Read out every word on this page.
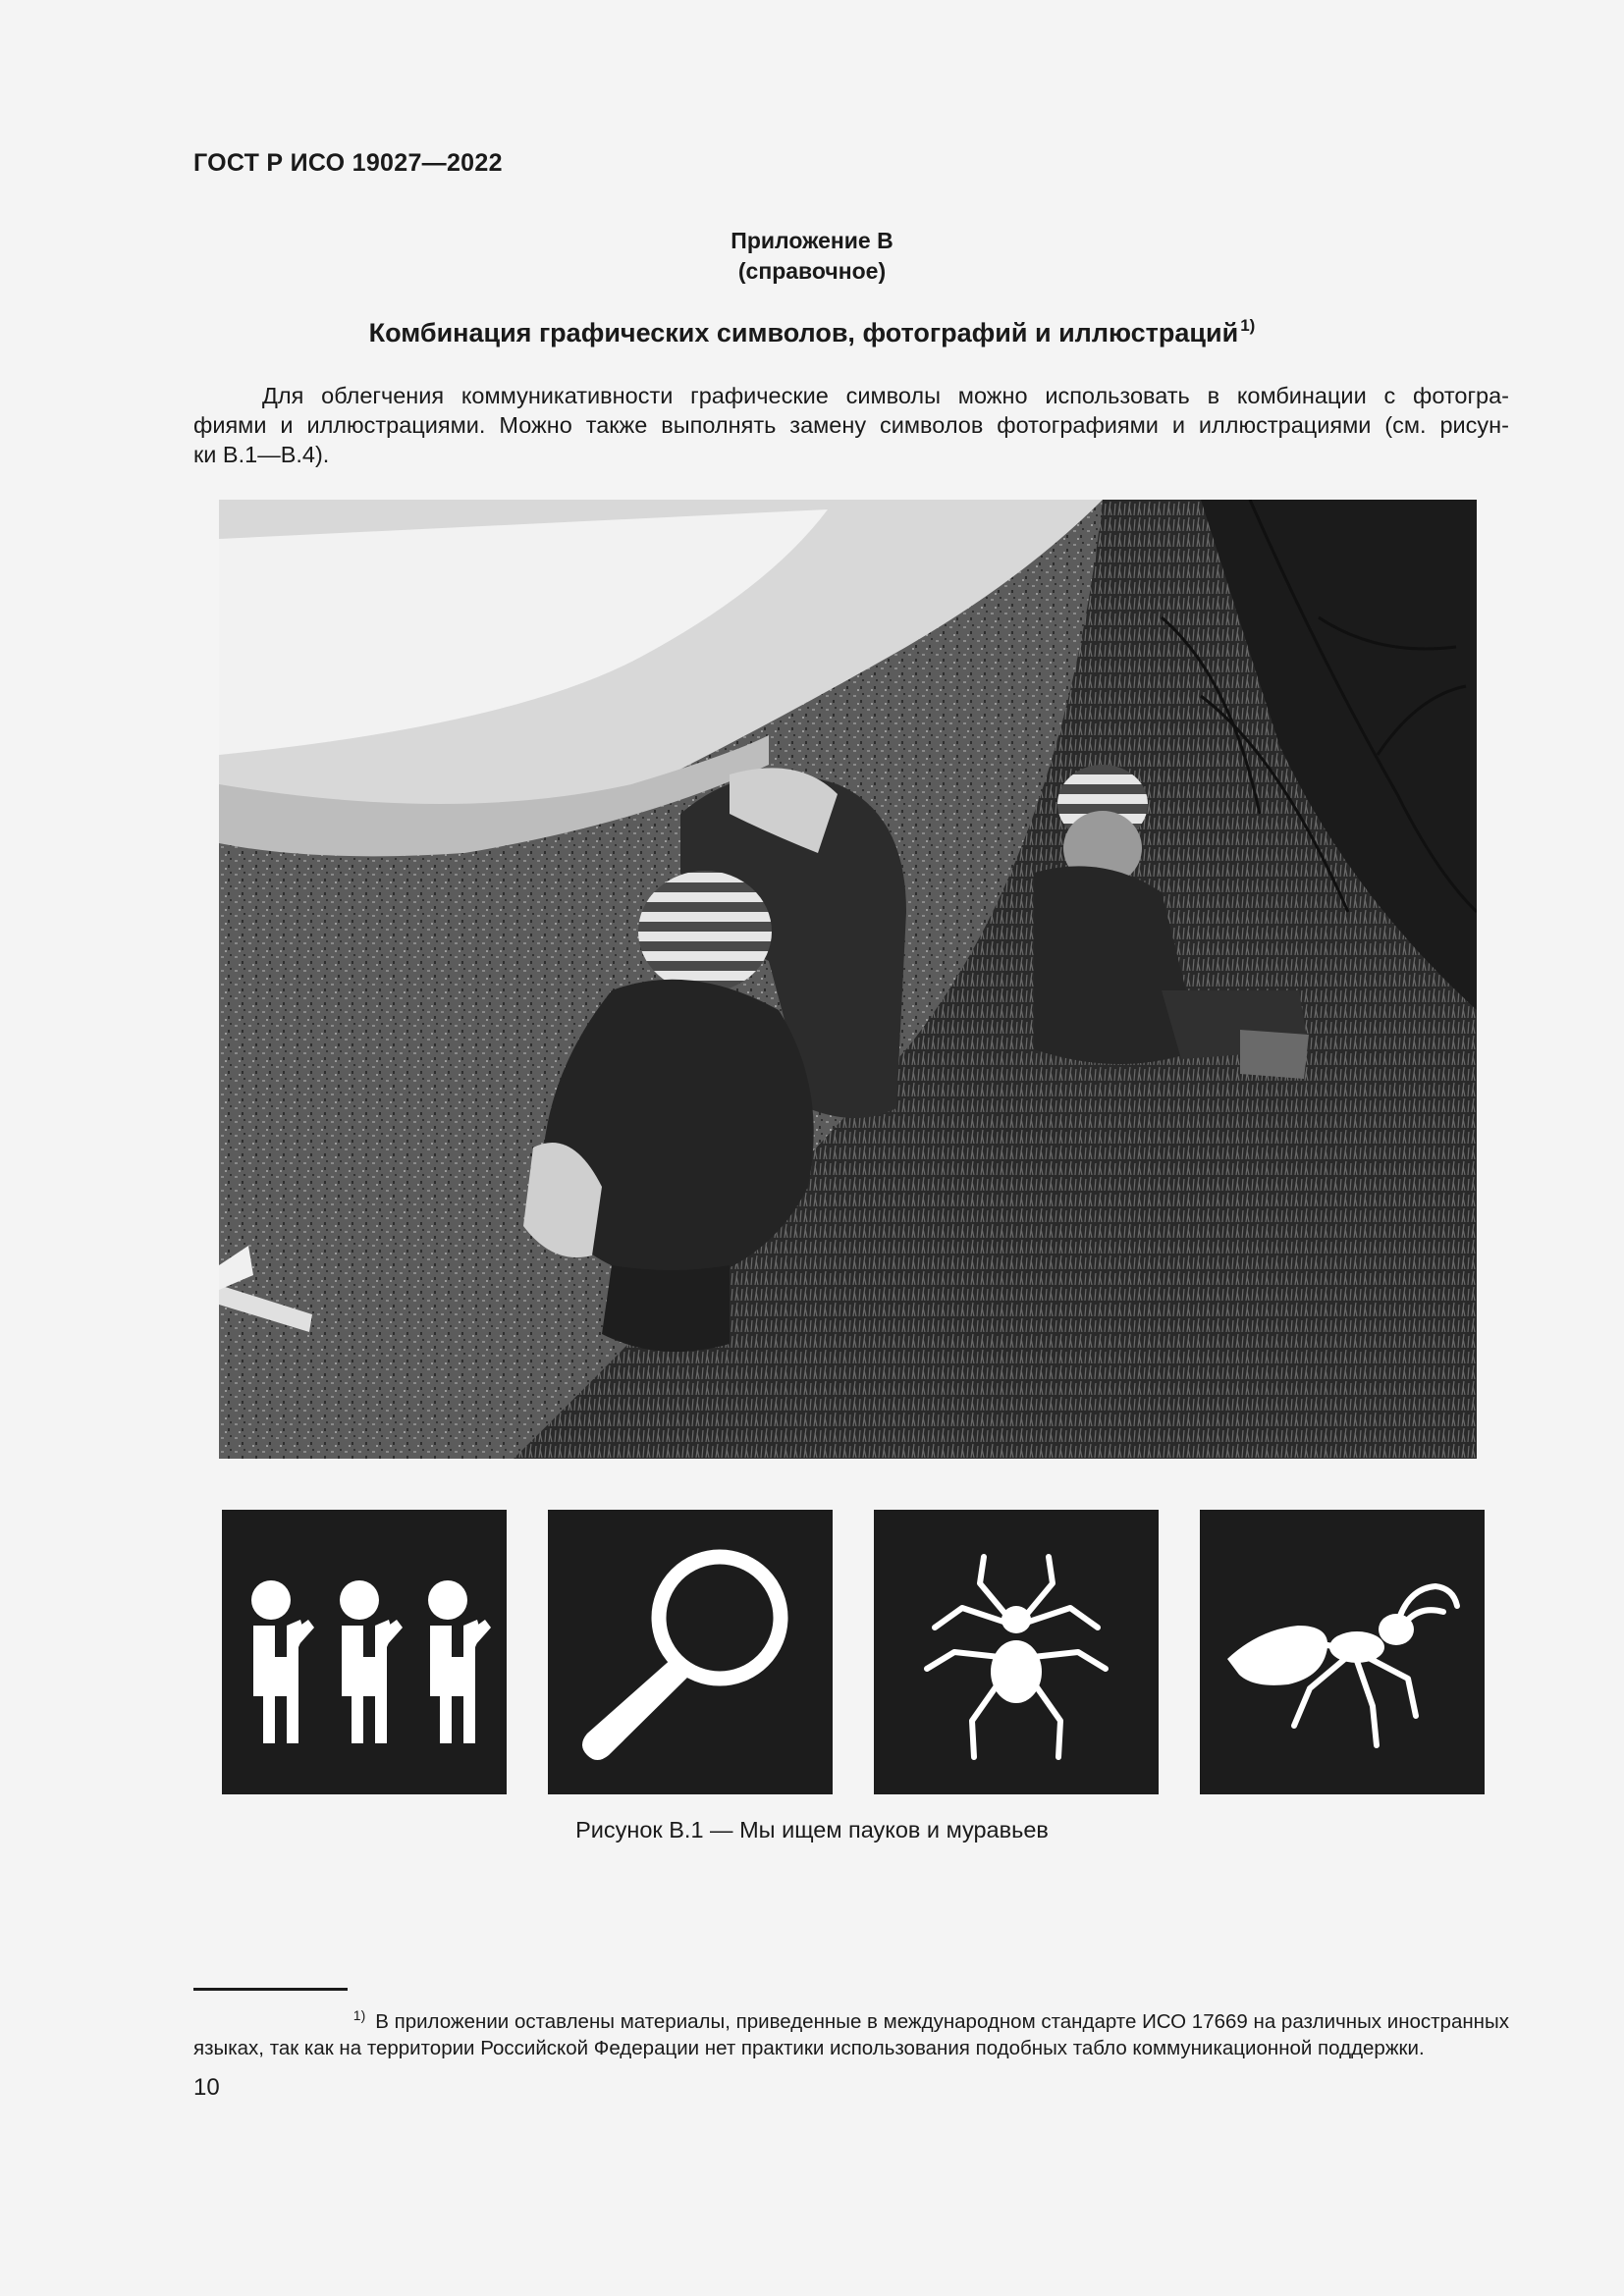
ГОСТ Р ИСО 19027—2022
Приложение В
(справочное)
Комбинация графических символов, фотографий и иллюстраций $^{1)}$
Для облегчения коммуникативности графические символы можно использовать в комбинации с фотогра-
фиями и иллюстрациями. Можно также выполнять замену символов фотографиями и иллюстрациями (см. рисун-
ки В.1—В.4).
Рисунок В.1 — Мы ищем пауков и муравьев
$^{1)}$ В приложении оставлены материалы, приведенные в международном стандарте ИСО 17669 на различных иностранных
языках, так как на территории Российской Федерации нет практики использования подобных табло коммуникационной поддержки.
10
